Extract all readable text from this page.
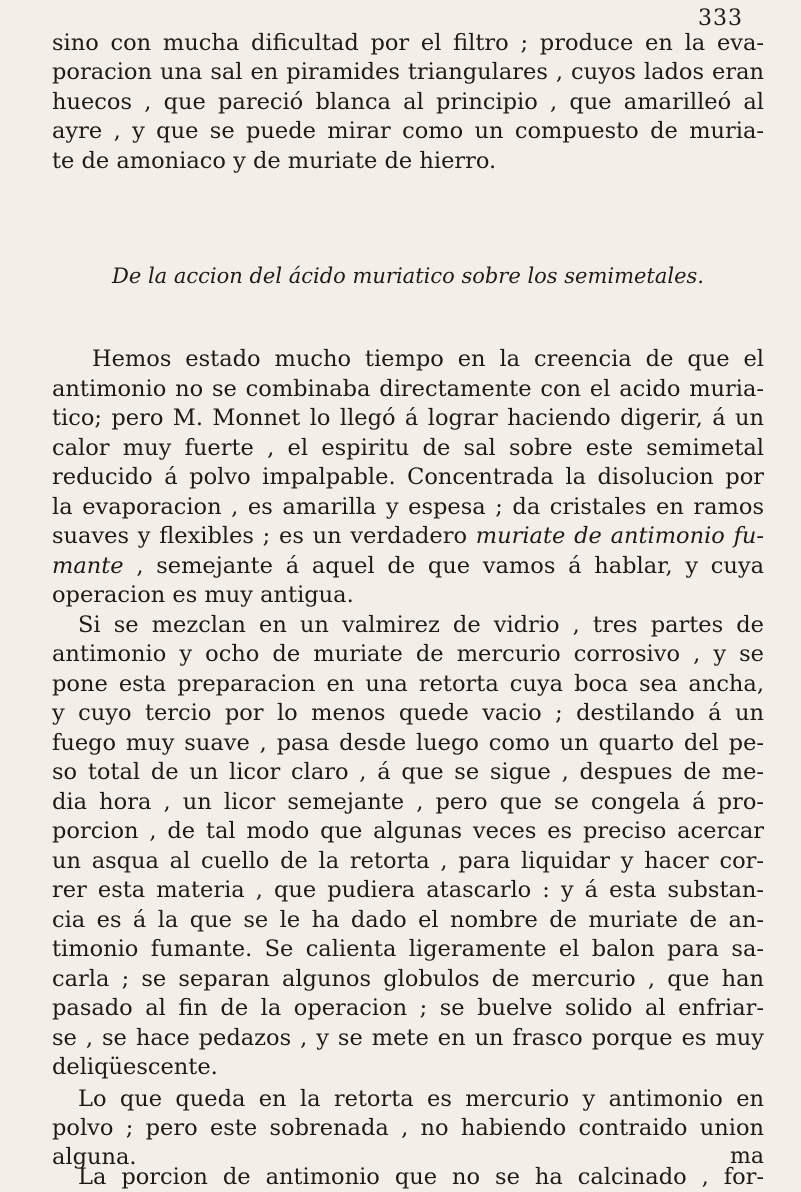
333
De la accion del ácido muriatico sobre los semimetales.
ma
sino con mucha dificultad por el filtro ; produce en la eva-
poracion una sal en piramides triangulares , cuyos lados eran
huecos , que pareció blanca al principio , que amarilleó al
ayre , y que se puede mirar como un compuesto de muria-
te de amoniaco y de muriate de hierro.
Hemos estado mucho tiempo en la creencia de que el
antimonio no se combinaba directamente con el acido muria-
tico; pero M. Monnet lo llegó á lograr haciendo digerir, á un
calor muy fuerte , el espiritu de sal sobre este semimetal
reducido á polvo impalpable. Concentrada la disolucion por
la evaporacion , es amarilla y espesa ; da cristales en ramos
suaves y flexibles ; es un verdadero muriate de antimonio fu-
mante , semejante á aquel de que vamos á hablar, y cuya
operacion es muy antigua.
Si se mezclan en un valmirez de vidrio , tres partes de
antimonio y ocho de muriate de mercurio corrosivo , y se
pone esta preparacion en una retorta cuya boca sea ancha,
y cuyo tercio por lo menos quede vacio ; destilando á un
fuego muy suave , pasa desde luego como un quarto del pe-
so total de un licor claro , á que se sigue , despues de me-
dia hora , un licor semejante , pero que se congela á pro-
porcion , de tal modo que algunas veces es preciso acercar
un asqua al cuello de la retorta , para liquidar y hacer cor-
rer esta materia , que pudiera atascarlo : y á esta substan-
cia es á la que se le ha dado el nombre de muriate de an-
timonio fumante. Se calienta ligeramente el balon para sa-
carla ; se separan algunos globulos de mercurio , que han
pasado al fin de la operacion ; se buelve solido al enfriar-
se , se hace pedazos , y se mete en un frasco porque es muy
deliqüescente.
Lo que queda en la retorta es mercurio y antimonio en
polvo ; pero este sobrenada , no habiendo contraido union
alguna.
La porcion de antimonio que no se ha calcinado , for-
